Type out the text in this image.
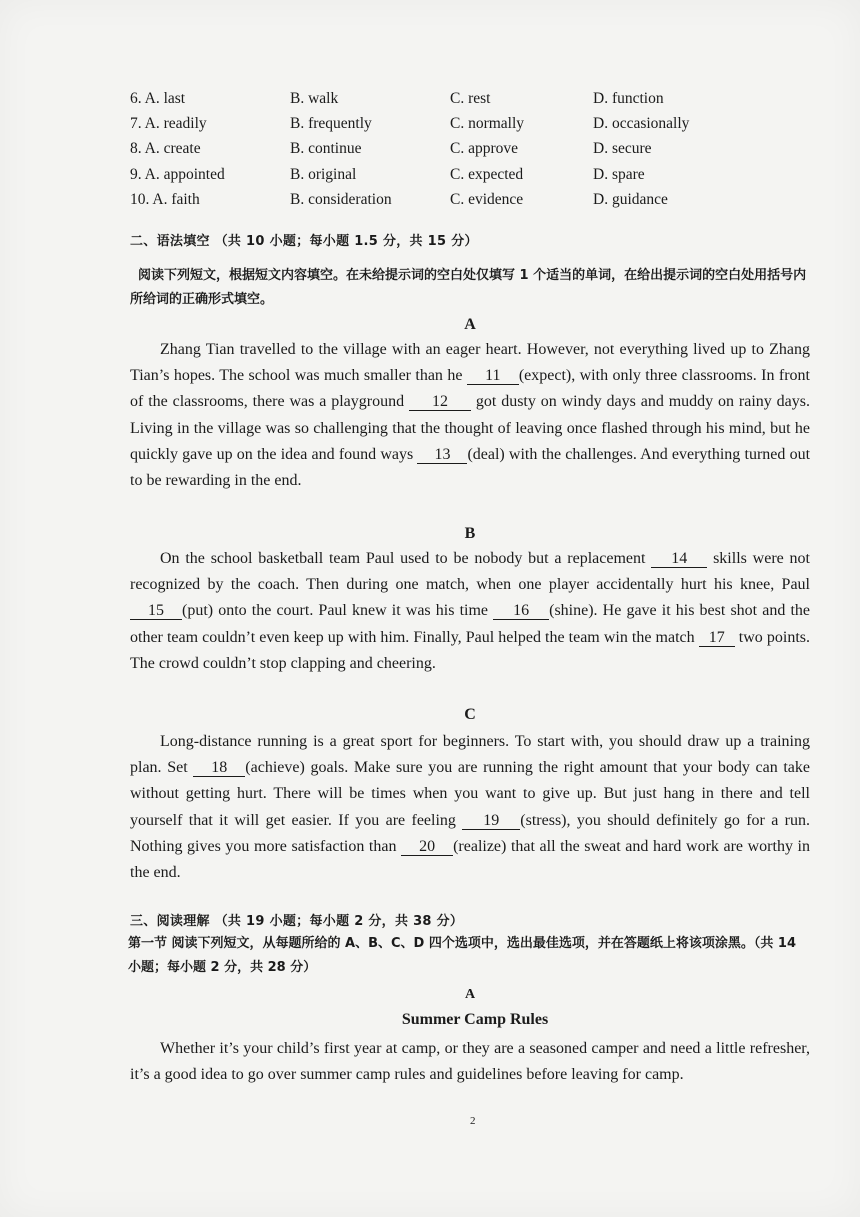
6. A. last	B. walk	C. rest	D. function
7. A. readily	B. frequently	C. normally	D. occasionally
8. A. create	B. continue	C. approve	D. secure
9. A. appointed	B. original	C. expected	D. spare
10. A. faith	B. consideration	C. evidence	D. guidance
二、语法填空 （共 10 小题；每小题 1.5 分，共 15 分）
阅读下列短文，根据短文内容填空。在未给提示词的空白处仅填写 1 个适当的单词，在给出提示词的空白处用括号内所给词的正确形式填空。
A
Zhang Tian travelled to the village with an eager heart. However, not everything lived up to Zhang Tian’s hopes. The school was much smaller than he 11 (expect), with only three classrooms. In front of the classrooms, there was a playground 12 got dusty on windy days and muddy on rainy days. Living in the village was so challenging that the thought of leaving once flashed through his mind, but he quickly gave up on the idea and found ways 13 (deal) with the challenges. And everything turned out to be rewarding in the end.
B
On the school basketball team Paul used to be nobody but a replacement 14 skills were not recognized by the coach. Then during one match, when one player accidentally hurt his knee, Paul 15 (put) onto the court. Paul knew it was his time 16 (shine). He gave it his best shot and the other team couldn’t even keep up with him. Finally, Paul helped the team win the match 17 two points. The crowd couldn’t stop clapping and cheering.
C
Long-distance running is a great sport for beginners. To start with, you should draw up a training plan. Set 18 (achieve) goals. Make sure you are running the right amount that your body can take without getting hurt. There will be times when you want to give up. But just hang in there and tell yourself that it will get easier. If you are feeling 19 (stress), you should definitely go for a run. Nothing gives you more satisfaction than 20 (realize) that all the sweat and hard work are worthy in the end.
三、阅读理解 （共 19 小题；每小题 2 分，共 38 分）
第一节 阅读下列短文，从每题所给的 A、B、C、D 四个选项中，选出最佳选项，并在答题纸上将该项涂黑。（共 14 小题；每小题 2 分，共 28 分）
A
Summer Camp Rules
Whether it’s your child’s first year at camp, or they are a seasoned camper and need a little refresher, it’s a good idea to go over summer camp rules and guidelines before leaving for camp.
2
